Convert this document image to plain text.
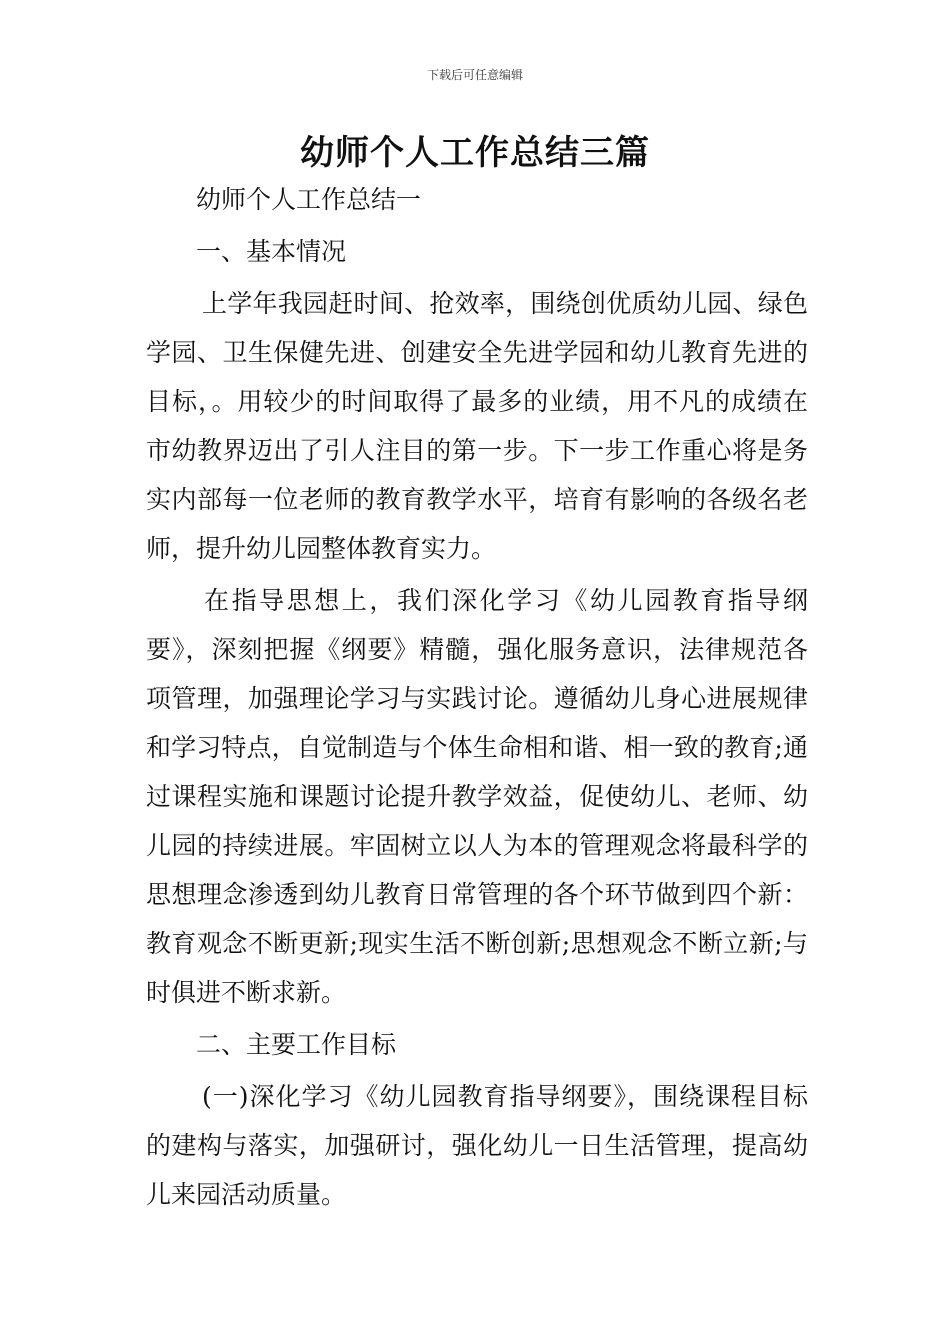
下载后可任意编辑
幼师个人工作总结三篇

幼师个人工作总结一

一、基本情况

上学年我园赶时间、抢效率，围绕创优质幼儿园、绿色学园、卫生保健先进、创建安全先进学园和幼儿教育先进的目标，。用较少的时间取得了最多的业绩，用不凡的成绩在市幼教界迈出了引人注目的第一步。下一步工作重心将是务实内部每一位老师的教育教学水平，培育有影响的各级名老师，提升幼儿园整体教育实力。

在指导思想上，我们深化学习《幼儿园教育指导纲要》，深刻把握《纲要》精髓，强化服务意识，法律规范各项管理，加强理论学习与实践讨论。遵循幼儿身心进展规律和学习特点，自觉制造与个体生命相和谐、相一致的教育;通过课程实施和课题讨论提升教学效益，促使幼儿、老师、幼儿园的持续进展。牢固树立以人为本的管理观念将最科学的思想理念渗透到幼儿教育日常管理的各个环节做到四个新：教育观念不断更新;现实生活不断创新;思想观念不断立新;与时俱进不断求新。

二、主要工作目标

(一)深化学习《幼儿园教育指导纲要》，围绕课程目标的建构与落实，加强研讨，强化幼儿一日生活管理，提高幼儿来园活动质量。
